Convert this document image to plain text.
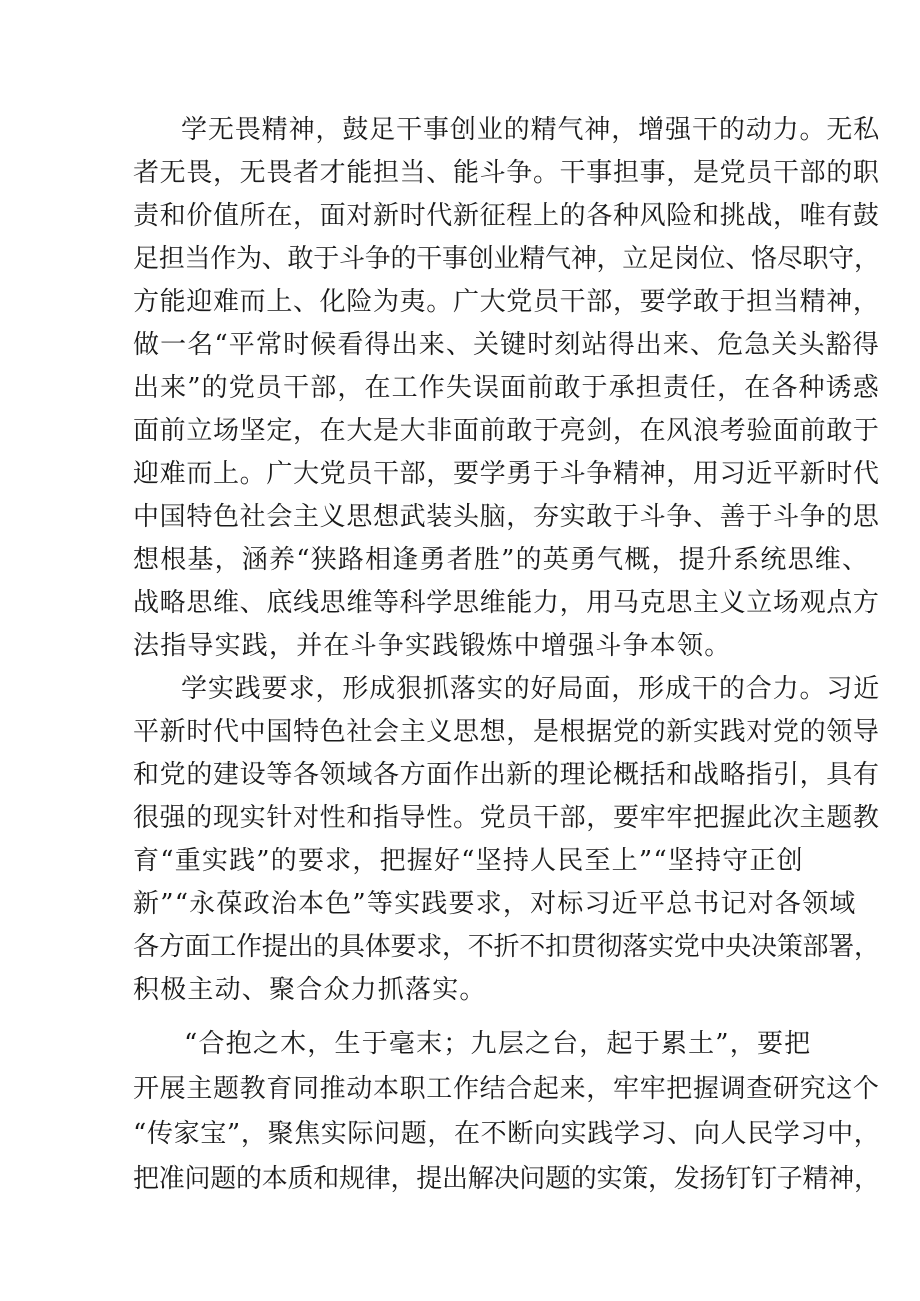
学无畏精神，鼓足干事创业的精气神，增强干的动力。无私
者无畏，无畏者才能担当、能斗争。干事担事，是党员干部的职
责和价值所在，面对新时代新征程上的各种风险和挑战，唯有鼓
足担当作为、敢于斗争的干事创业精气神，立足岗位、恪尽职守，
方能迎难而上、化险为夷。广大党员干部，要学敢于担当精神，
做一名“平常时候看得出来、关键时刻站得出来、危急关头豁得
出来”的党员干部，在工作失误面前敢于承担责任，在各种诱惑
面前立场坚定，在大是大非面前敢于亮剑，在风浪考验面前敢于
迎难而上。广大党员干部，要学勇于斗争精神，用习近平新时代
中国特色社会主义思想武装头脑，夯实敢于斗争、善于斗争的思
想根基，涵养“狭路相逢勇者胜”的英勇气概，提升系统思维、
战略思维、底线思维等科学思维能力，用马克思主义立场观点方
法指导实践，并在斗争实践锻炼中增强斗争本领。
学实践要求，形成狠抓落实的好局面，形成干的合力。习近
平新时代中国特色社会主义思想，是根据党的新实践对党的领导
和党的建设等各领域各方面作出新的理论概括和战略指引，具有
很强的现实针对性和指导性。党员干部，要牢牢把握此次主题教
育“重实践”的要求，把握好“坚持人民至上”“坚持守正创
新”“永葆政治本色”等实践要求，对标习近平总书记对各领域
各方面工作提出的具体要求，不折不扣贯彻落实党中央决策部署，
积极主动、聚合众力抓落实。
“合抱之木，生于毫末；九层之台，起于累土”，要把
开展主题教育同推动本职工作结合起来，牢牢把握调查研究这个
“传家宝”，聚焦实际问题，在不断向实践学习、向人民学习中，
把准问题的本质和规律，提出解决问题的实策，发扬钉钉子精神，
